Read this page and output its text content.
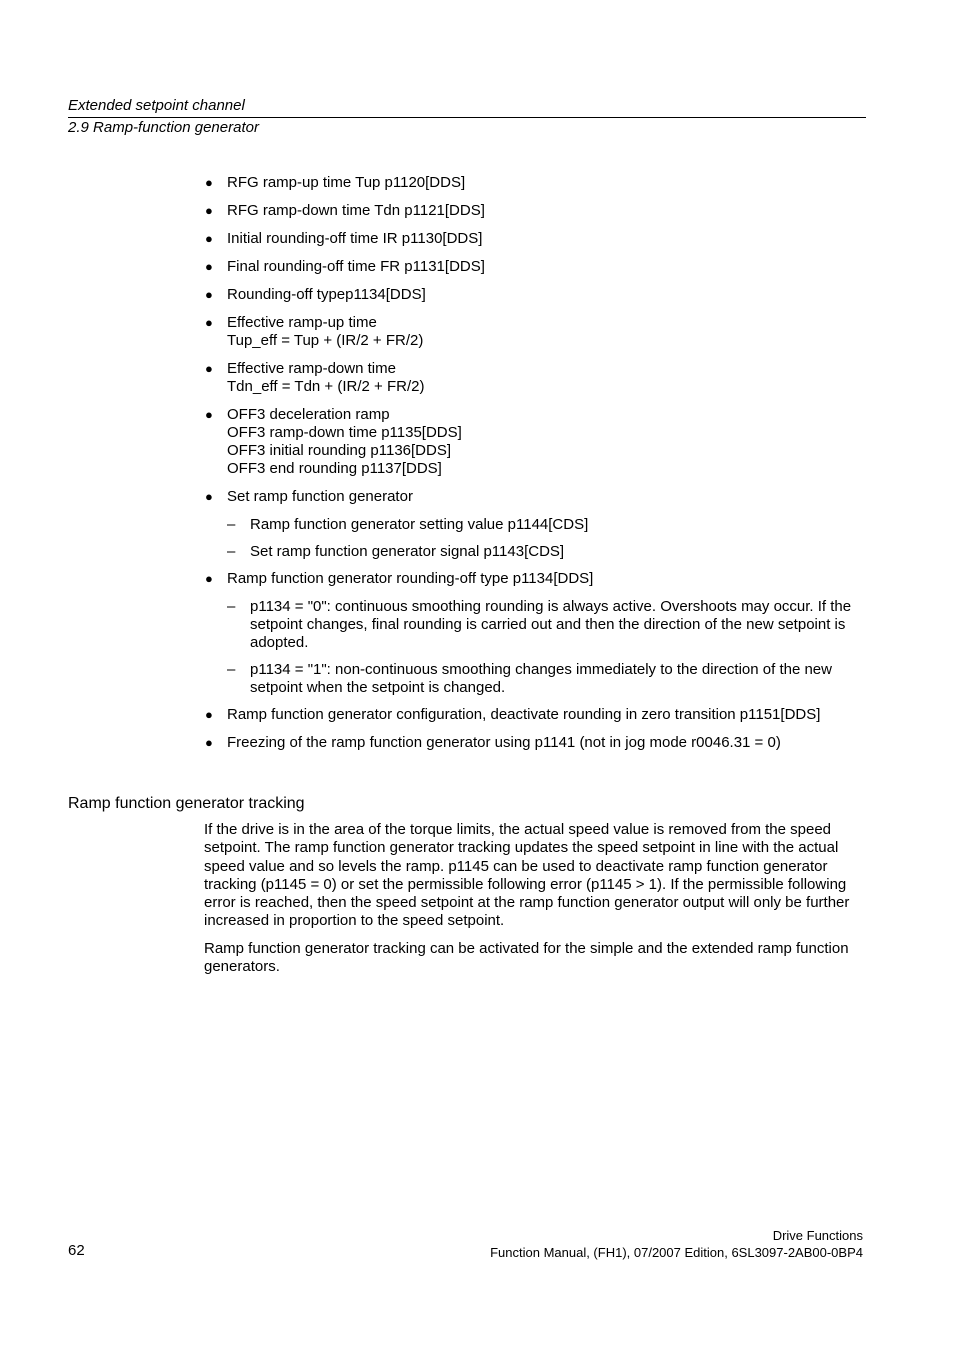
Extended setpoint channel
2.9 Ramp-function generator
● RFG ramp-up time Tup p1120[DDS]
● RFG ramp-down time Tdn p1121[DDS]
● Initial rounding-off time IR p1130[DDS]
● Final rounding-off time FR p1131[DDS]
● Rounding-off typep1134[DDS]
● Effective ramp-up time
Tup_eff = Tup + (IR/2 + FR/2)
● Effective ramp-down time
Tdn_eff = Tdn + (IR/2 + FR/2)
● OFF3 deceleration ramp
OFF3 ramp-down time p1135[DDS]
OFF3 initial rounding p1136[DDS]
OFF3 end rounding p1137[DDS]
● Set ramp function generator
– Ramp function generator setting value p1144[CDS]
– Set ramp function generator signal p1143[CDS]
● Ramp function generator rounding-off type p1134[DDS]
– p1134 = "0": continuous smoothing rounding is always active. Overshoots may occur. If the setpoint changes, final rounding is carried out and then the direction of the new setpoint is adopted.
– p1134 = "1": non-continuous smoothing changes immediately to the direction of the new setpoint when the setpoint is changed.
● Ramp function generator configuration, deactivate rounding in zero transition p1151[DDS]
● Freezing of the ramp function generator using p1141 (not in jog mode r0046.31 = 0)
Ramp function generator tracking
If the drive is in the area of the torque limits, the actual speed value is removed from the speed setpoint. The ramp function generator tracking updates the speed setpoint in line with the actual speed value and so levels the ramp. p1145 can be used to deactivate ramp function generator tracking (p1145 = 0) or set the permissible following error (p1145 > 1). If the permissible following error is reached, then the speed setpoint at the ramp function generator output will only be further increased in proportion to the speed setpoint.
Ramp function generator tracking can be activated for the simple and the extended ramp function generators.
Drive Functions
Function Manual, (FH1), 07/2007 Edition, 6SL3097-2AB00-0BP4
62
